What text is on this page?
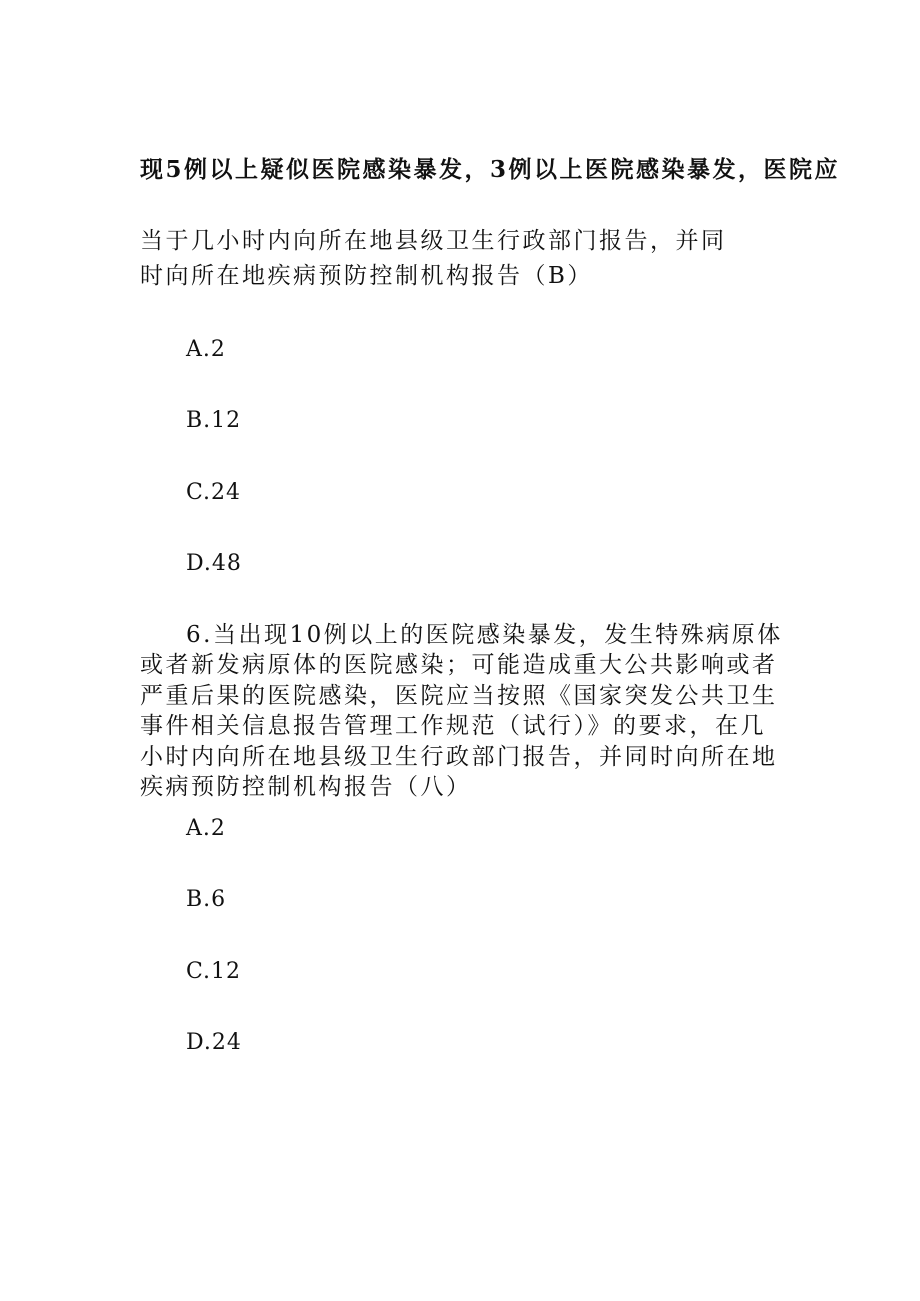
现5例以上疑似医院感染暴发，3例以上医院感染暴发，医院应
当于几小时内向所在地县级卫生行政部门报告，并同
时向所在地疾病预防控制机构报告（B）
A.2
B.12
C.24
D.48
6.当出现10例以上的医院感染暴发，发生特殊病原体或者新发病原体的医院感染；可能造成重大公共影响或者严重后果的医院感染，医院应当按照《国家突发公共卫生事件相关信息报告管理工作规范（试行）》的要求，在几小时内向所在地县级卫生行政部门报告，并同时向所在地疾病预防控制机构报告（八）
A.2
B.6
C.12
D.24
